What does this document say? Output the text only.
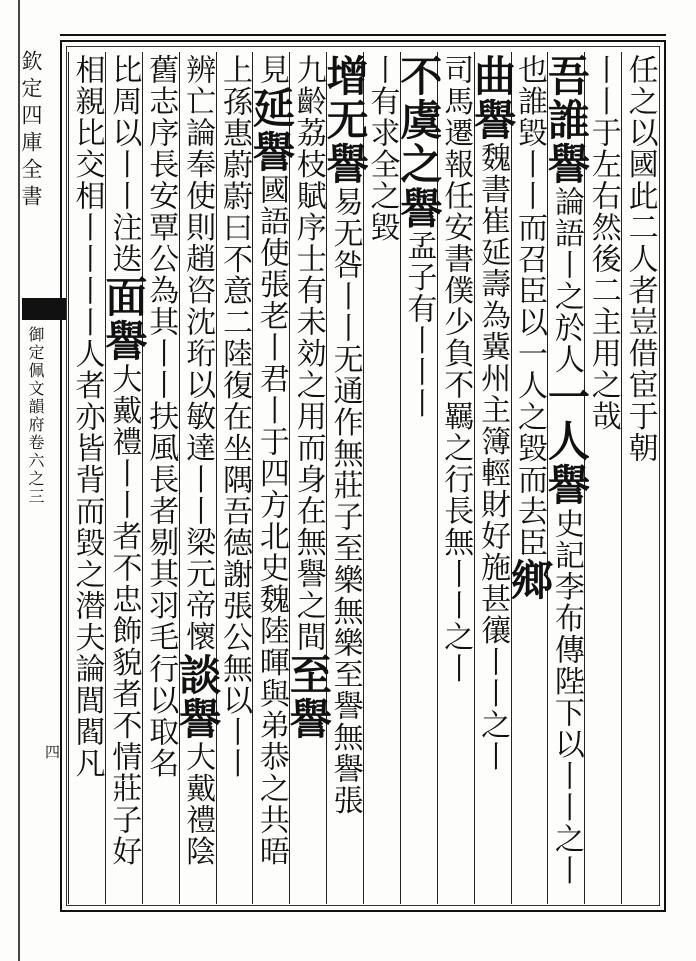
欽定四庫全書
御定佩文韻府卷六之三
四
任之以國此二人者豈借宦于朝
丨丨于左右然後二主用之哉
吾誰譽
論語丨之於人
一人譽
史記李布傳陛下以丨丨之丨
也誰毀丨丨
而召臣以一人之毀而去臣
鄉
曲譽
魏書崔延壽為冀州主簿輕財好施甚忀丨丨之丨
司馬遷報任安書僕少負不羈之行長無丨丨之丨
不虞之譽
孟子有丨丨丨
丨有求全之毀
增无譽
易无咎丨丨无通作無莊子至樂無樂至譽無譽張
九齡荔枝賦序士有未効之用而身在無譽之間
至譽
見
延譽
國語使張老丨君丨于四方北史魏陸暉與弟恭之共晤
上
孫惠蔚蔚曰不意二陸復在坐隅吾德謝張公無以丨丨
辨亡論奉使則趙咨沈珩以敏達丨丨梁元帝懷
談譽
大戴禮陰
舊志序長安覃公為其丨丨扶風長者剔其羽毛
行以取名
比周以丨丨注迭
面譽
大戴禮丨丨者不忠飾貌者不情莊子好
相親比交相丨丨
丨丨人者亦皆背而毀之潜夫論閭閻凡
